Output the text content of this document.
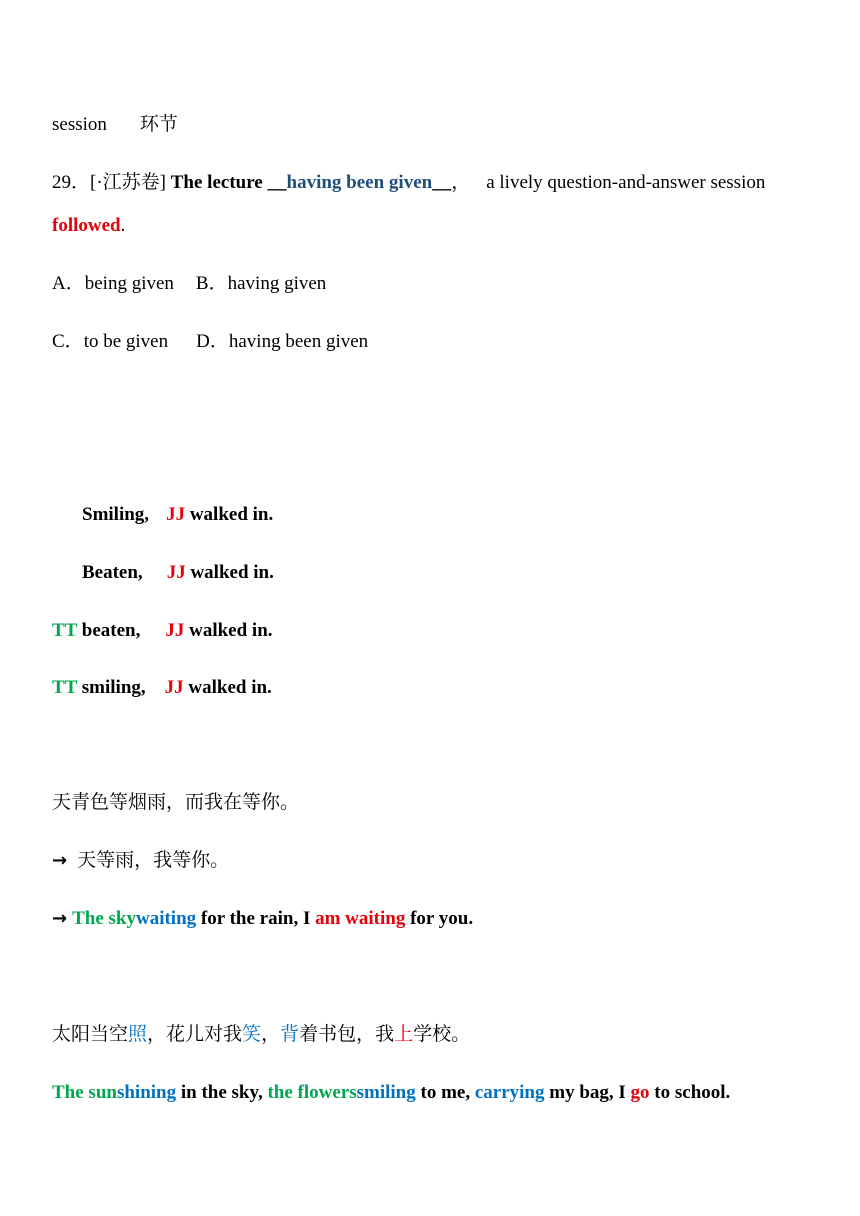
session 环节
29．[·江苏卷] The lecture __having been given__， a lively question-and-answer session
followed.
A．being given B．having given
C．to be given D．having been given
Smiling, JJ walked in.
Beaten, JJ walked in.
TT beaten, JJ walked in.
TT smiling, JJ walked in.
天青色等烟雨，而我在等你。
→ 天等雨，我等你。
→ The skywaiting for the rain, I am waiting for you.
太阳当空照，花儿对我笑，背着书包，我上学校。
The sunshining in the sky, the flowerssmiling to me, carrying my bag, I go to school.
